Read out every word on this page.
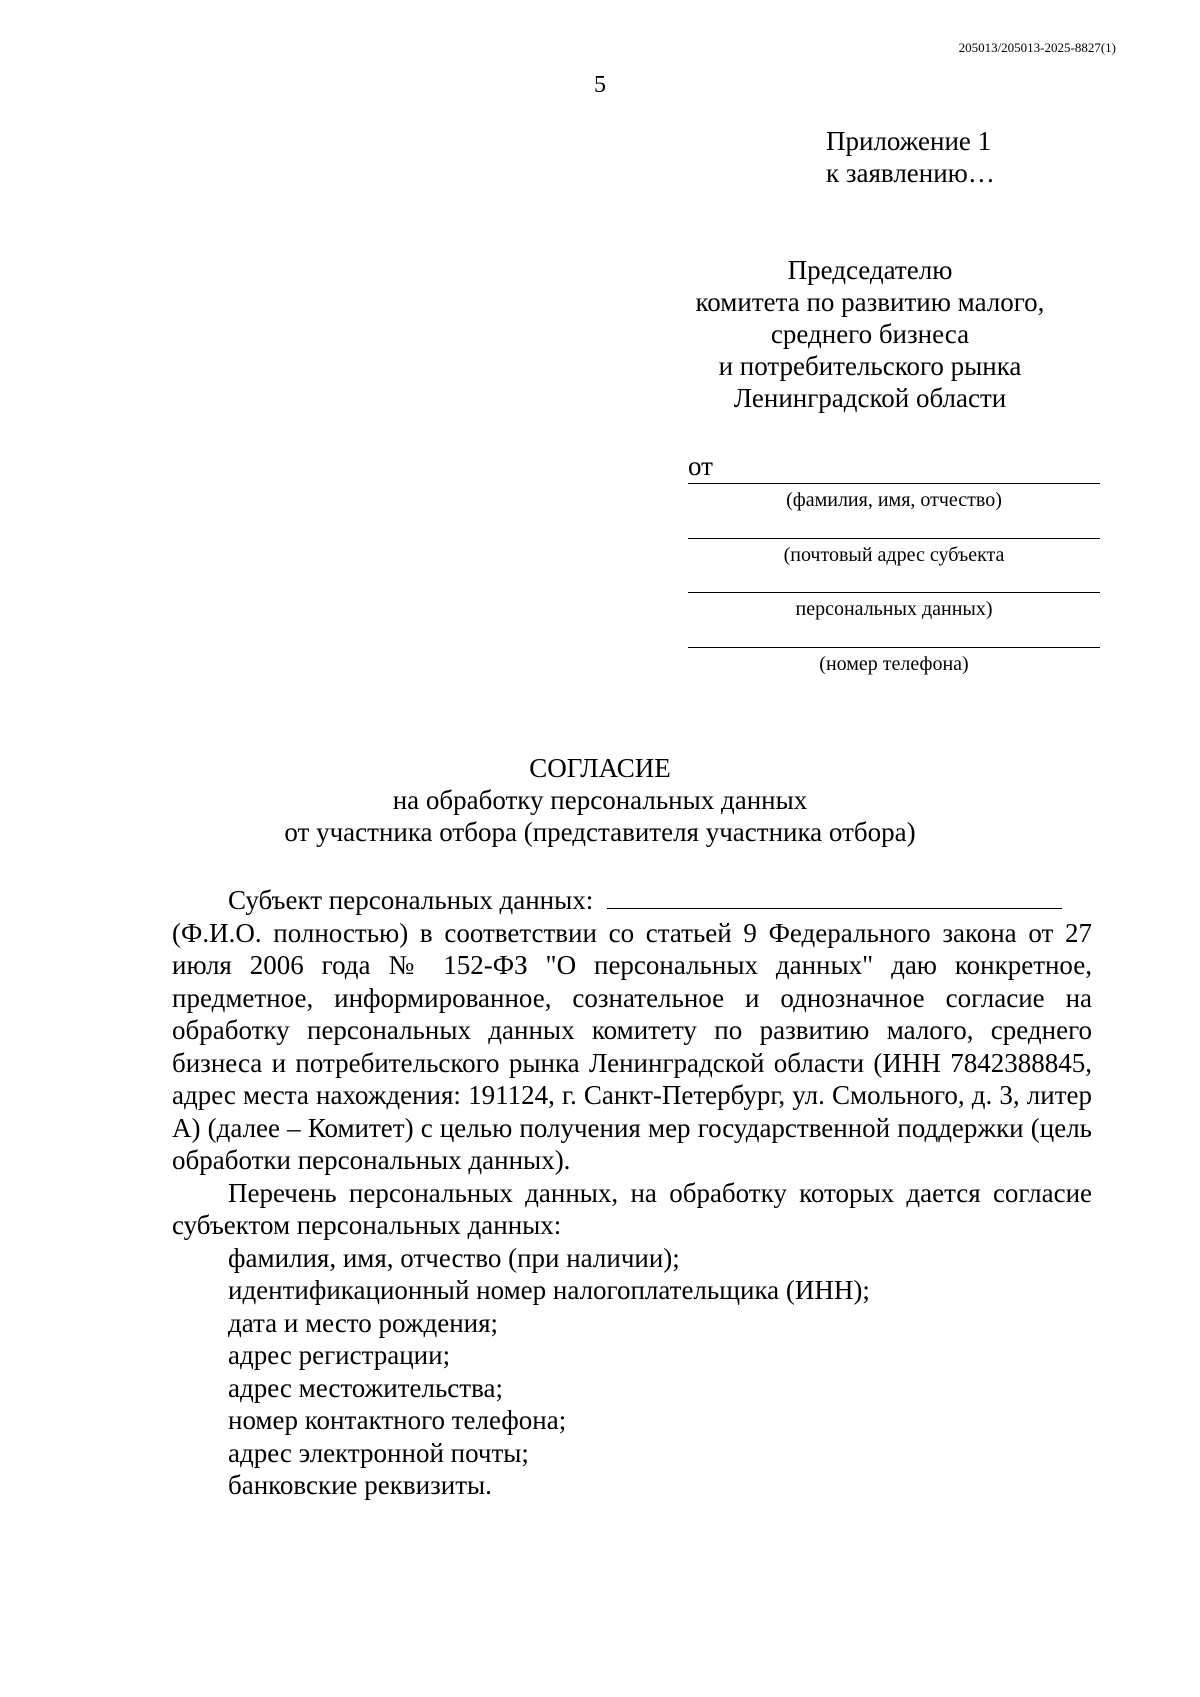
205013/205013-2025-8827(1)
5
Приложение 1
к заявлению…
Председателю
комитета по развитию малого,
среднего бизнеса
и потребительского рынка
Ленинградской области
от
(фамилия, имя, отчество)
(почтовый адрес субъекта
персональных данных)
(номер телефона)
СОГЛАСИЕ
на обработку персональных данных
от участника отбора (представителя участника отбора)

Субъект персональных данных:

(Ф.И.О. полностью) в соответствии со статьей 9 Федерального закона от 27 июля 2006 года № 152-ФЗ "О персональных данных" даю конкретное, предметное, информированное, сознательное и однозначное согласие на обработку персональных данных комитету по развитию малого, среднего бизнеса и потребительского рынка Ленинградской области (ИНН 7842388845, адрес места нахождения: 191124, г. Санкт-Петербург, ул. Смольного, д. 3, литер А) (далее – Комитет) с целью получения мер государственной поддержки (цель обработки персональных данных).

Перечень персональных данных, на обработку которых дается согласие субъектом персональных данных:

фамилия, имя, отчество (при наличии);
идентификационный номер налогоплательщика (ИНН);
дата и место рождения;
адрес регистрации;
адрес местожительства;
номер контактного телефона;
адрес электронной почты;
банковские реквизиты.
